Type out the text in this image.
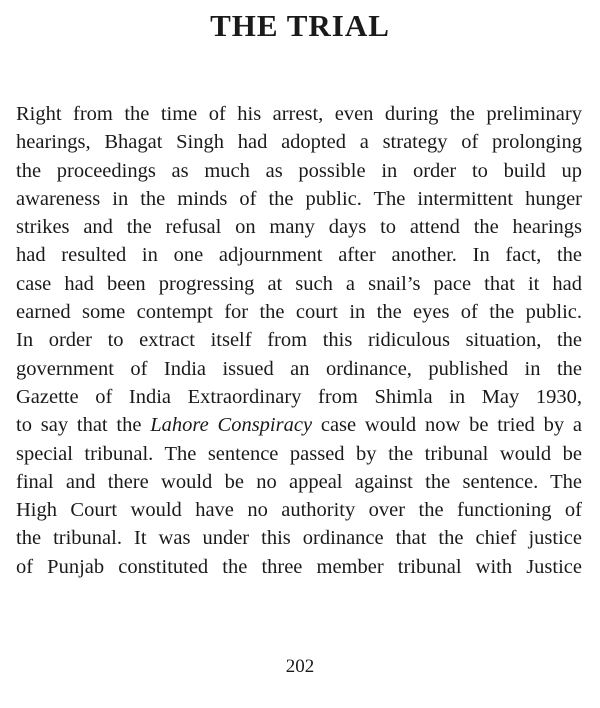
THE TRIAL
Right from the time of his arrest, even during the preliminary
hearings, Bhagat Singh had adopted a strategy of prolonging
the proceedings as much as possible in order to build up
awareness in the minds of the public. The intermittent hunger
strikes and the refusal on many days to attend the hearings
had resulted in one adjournment after another. In fact, the
case had been progressing at such a snail’s pace that it had
earned some contempt for the court in the eyes of the public.
In order to extract itself from this ridiculous situation, the
government of India issued an ordinance, published in the
Gazette of India Extraordinary from Shimla in May 1930,
to say that the Lahore Conspiracy case would now be tried by a
special tribunal. The sentence passed by the tribunal would be
final and there would be no appeal against the sentence. The
High Court would have no authority over the functioning of
the tribunal. It was under this ordinance that the chief justice
of Punjab constituted the three member tribunal with Justice
202
